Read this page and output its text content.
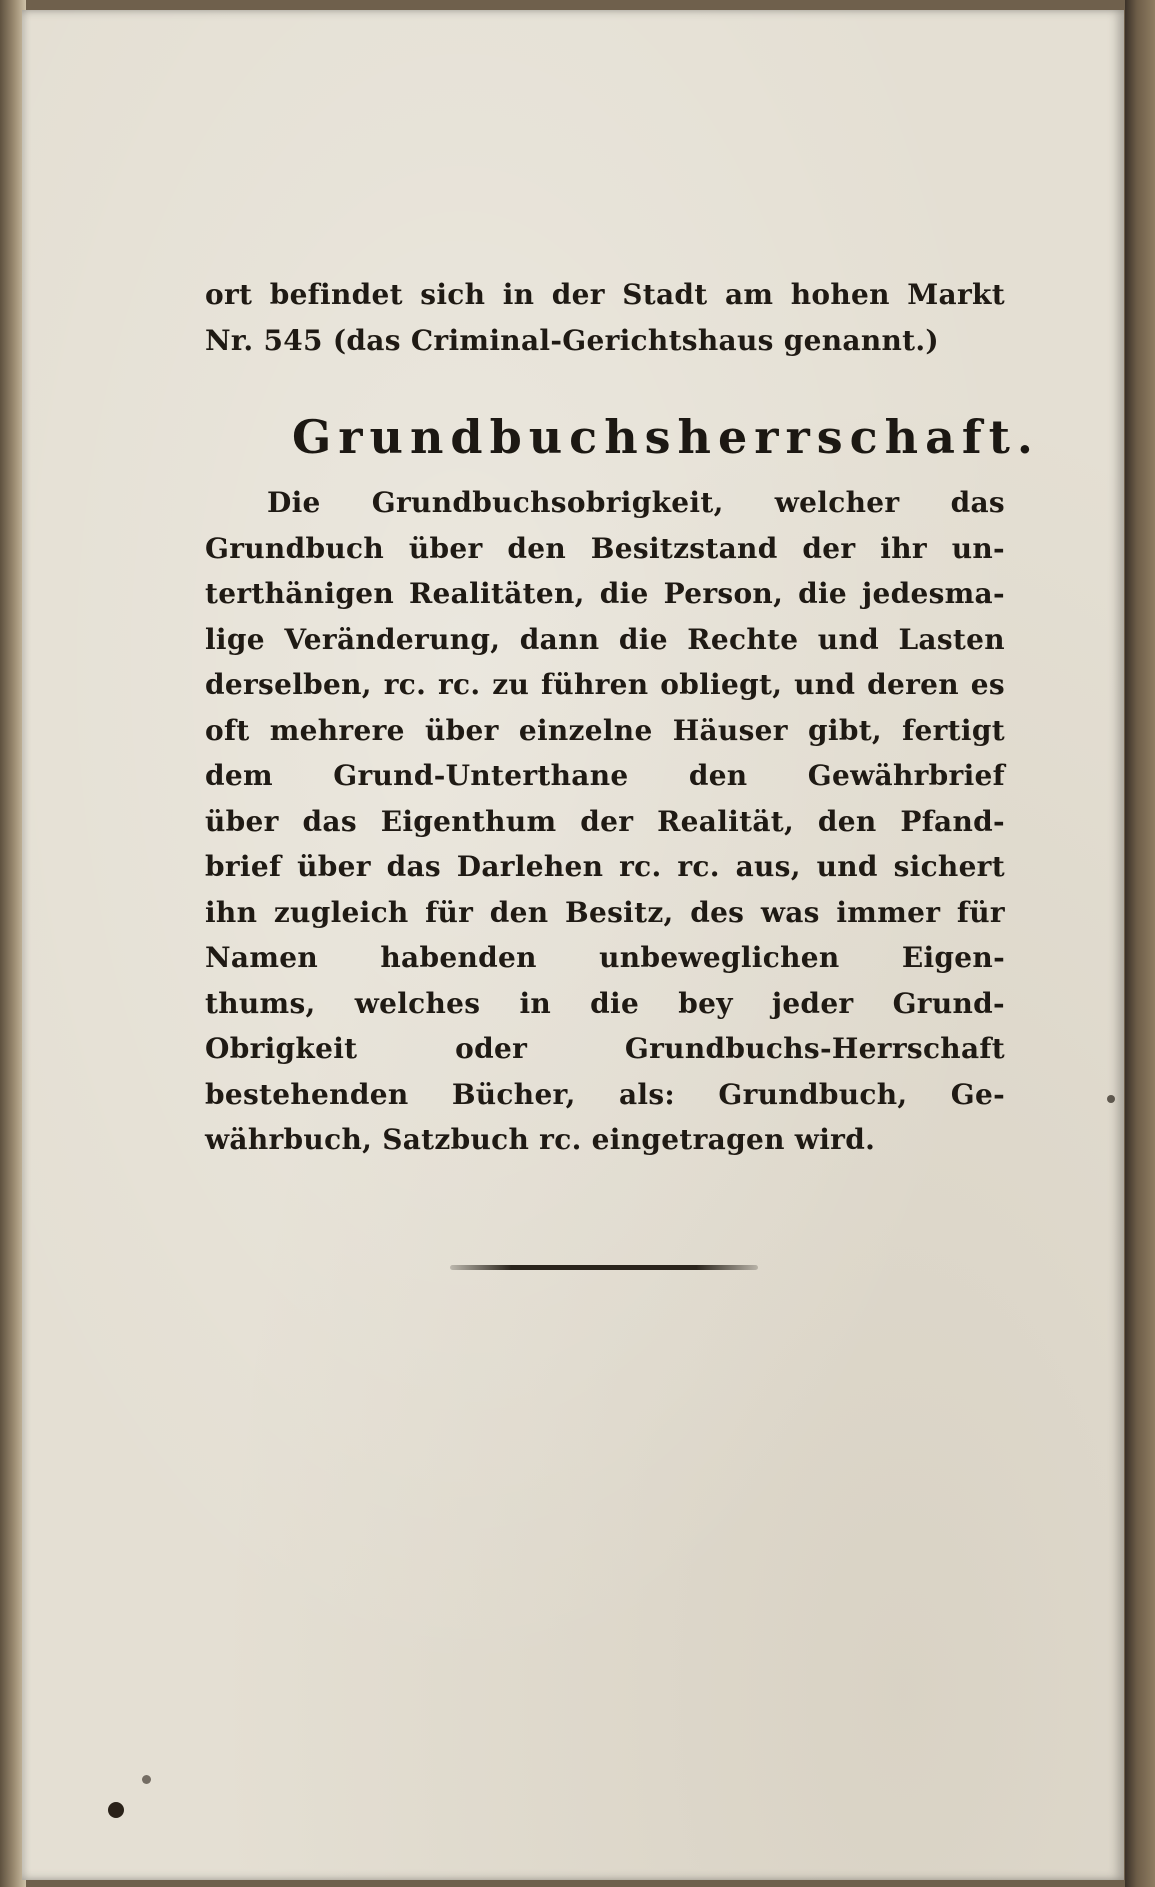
ort befindet sich in der Stadt am hohen Markt
Nr. 545 (das Criminal-Gerichtshaus genannt.)
Grundbuchsherrschaft.
Die Grundbuchsobrigkeit, welcher das
Grundbuch über den Besitzstand der ihr un-
terthänigen Realitäten, die Person, die jedesma-
lige Veränderung, dann die Rechte und Lasten
derselben, rc. rc. zu führen obliegt, und deren es
oft mehrere über einzelne Häuser gibt, fertigt
dem Grund-Unterthane den Gewährbrief
über das Eigenthum der Realität, den Pfand-
brief über das Darlehen rc. rc. aus, und sichert
ihn zugleich für den Besitz, des was immer für
Namen habenden unbeweglichen Eigen-
thums, welches in die bey jeder Grund-
Obrigkeit	oder	Grundbuchs-Herrschaft
bestehenden Bücher, als: Grundbuch, Ge-
währbuch, Satzbuch rc. eingetragen wird.
